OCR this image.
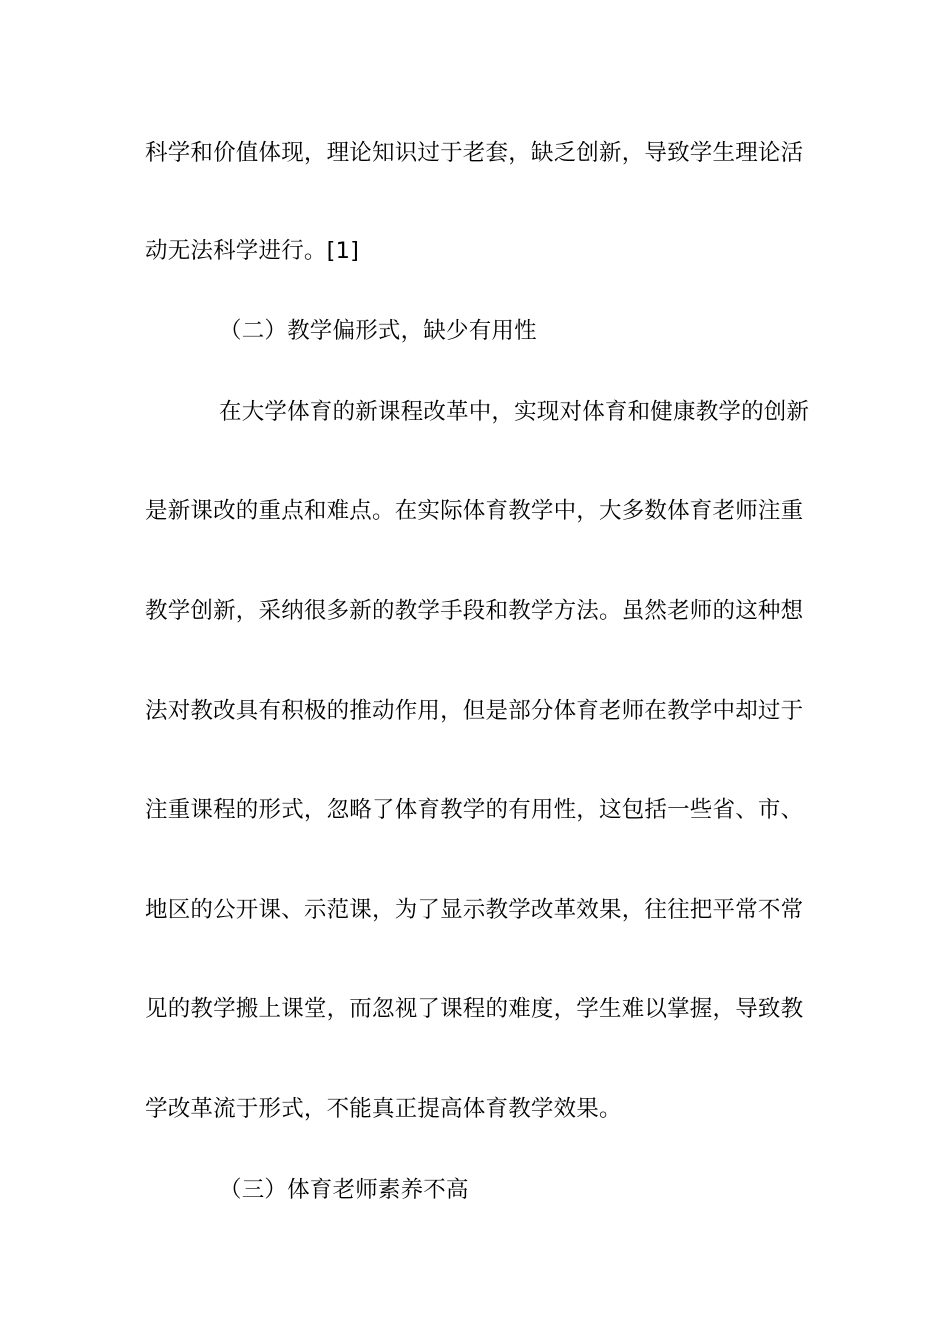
科学和价值体现，理论知识过于老套，缺乏创新，导致学生理论活
动无法科学进行。[1]
（二）教学偏形式，缺少有用性
在大学体育的新课程改革中，实现对体育和健康教学的创新
是新课改的重点和难点。在实际体育教学中，大多数体育老师注重
教学创新，采纳很多新的教学手段和教学方法。虽然老师的这种想
法对教改具有积极的推动作用，但是部分体育老师在教学中却过于
注重课程的形式，忽略了体育教学的有用性，这包括一些省、市、
地区的公开课、示范课，为了显示教学改革效果，往往把平常不常
见的教学搬上课堂，而忽视了课程的难度，学生难以掌握，导致教
学改革流于形式，不能真正提高体育教学效果。
（三）体育老师素养不高
